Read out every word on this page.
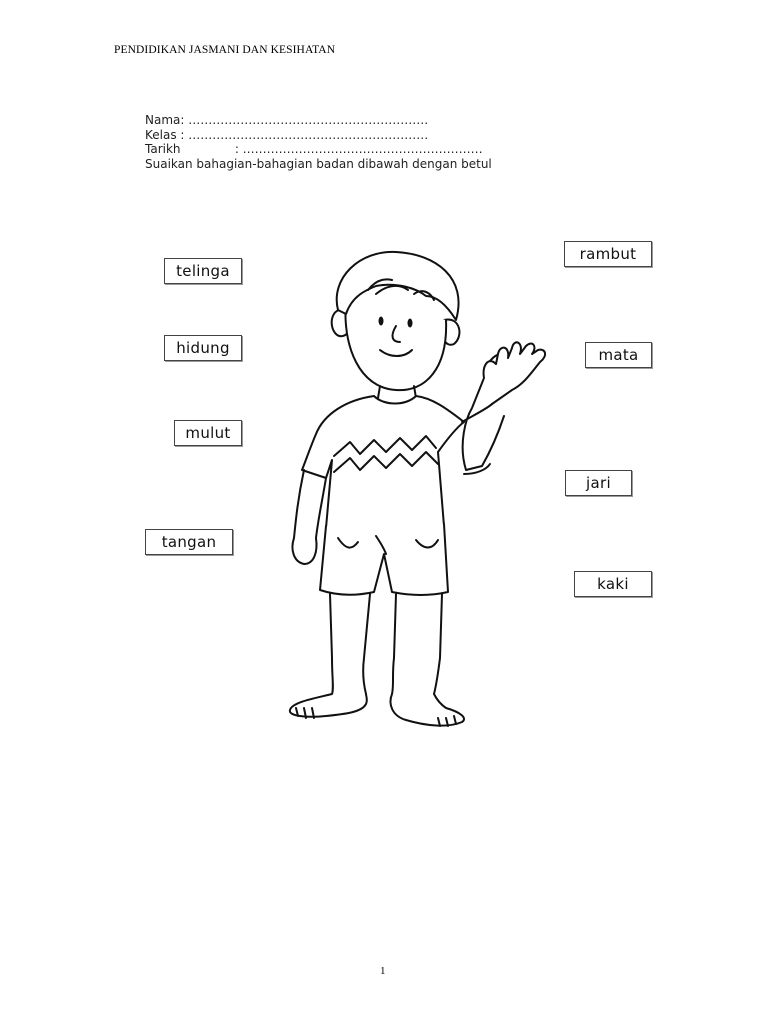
PENDIDIKAN JASMANI DAN KESIHATAN
Nama: ……………………………………………………
Kelas : ……………………………………………………
Tarikh	: ……………………………………………………
Suaikan bahagian-bahagian badan dibawah dengan betul
telinga
hidung
mulut
tangan
rambut
mata
jari
kaki
1
